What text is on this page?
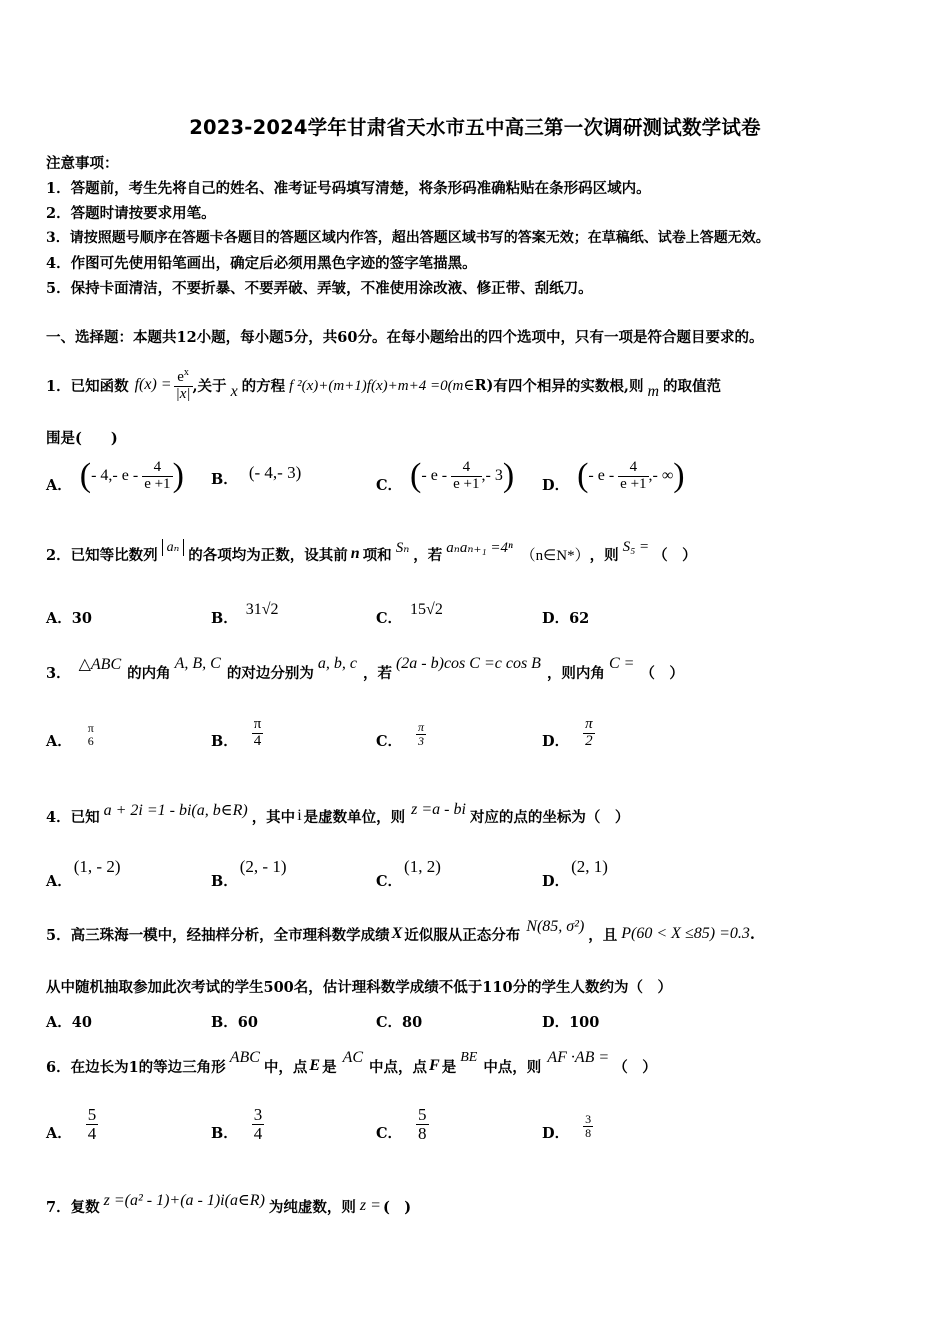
2023-2024学年甘肃省天水市五中高三第一次调研测试数学试卷
注意事项：
1．答题前，考生先将自己的姓名、准考证号码填写清楚，将条形码准确粘贴在条形码区域内。
2．答题时请按要求用笔。
3．请按照题号顺序在答题卡各题目的答题区域内作答，超出答题区域书写的答案无效；在草稿纸、试卷上答题无效。
4．作图可先使用铅笔画出，确定后必须用黑色字迹的签字笔描黑。
5．保持卡面清洁，不要折暴、不要弄破、弄皱，不准使用涂改液、修正带、刮纸刀。
一、选择题：本题共12小题，每小题5分，共60分。在每小题给出的四个选项中，只有一项是符合题目要求的。
1．已知函数 $f(x) = \frac{e^x}{|x|}$ ,关于 x 的方程 f ²(x)+(m+1)f(x)+m+4 =0(m∈ R) 有四个相异的实数根,则 m 的取值范
围是(　　)
A． ( - 4,- e - $\frac{4}{e +1}$ ) B． (- 4,- 3)
C． ( - e - $\frac{4}{e +1}$ ,- 3 ) D． ( - e - $\frac{4}{e +1}$ ,- ∞ )
2．已知等比数列 aₙ 的各项均为正数，设其前 n 项和 Sₙ ，若 aₙaₙ₊₁ =4ⁿ （n∈N*） ，则 S₅ = （　）
A．30	B．31√2
C．15√2
D．62
3． △ABC 的内角
A, B, C
的对边分别为
a, b, c
，若
(2a - b)cos C =c cos B
，则内角
C =
（　）
A．
π
6	B． $\frac{\pi}{4}$	C． $\frac{\pi}{3}$	D． $\frac{\pi}{2}$
4．已知 a + 2i =1 - bi(a, b∈R) ，其中 i 是虚数单位，则 z =a - bi 对应的点的坐标为（　）
A．(1, - 2)
B．(2, - 1)
C．(1, 2)
D．(2, 1)
5．高三珠海一模中，经抽样分析，全市理科数学成绩 X 近似服从正态分布 N(85, σ²) ，且 P(60 < X ≤85) =0.3 .
从中随机抽取参加此次考试的学生500名，估计理科数学成绩不低于110分的学生人数约为（　）
A．40	B．60	C．80	D．100
6．在边长为1的等边三角形
ABC
中，点 E 是
AC
中点，点 F 是
BE
中点，则
AF ·AB =
（　）
A． $\frac{5}{4}$	B． $\frac{3}{4}$	C． $\frac{5}{8}$	D． $\frac{3}{8}$
7．复数 z =(a² - 1)+(a - 1)i(a∈R) 为纯虚数，则 z = (　)
